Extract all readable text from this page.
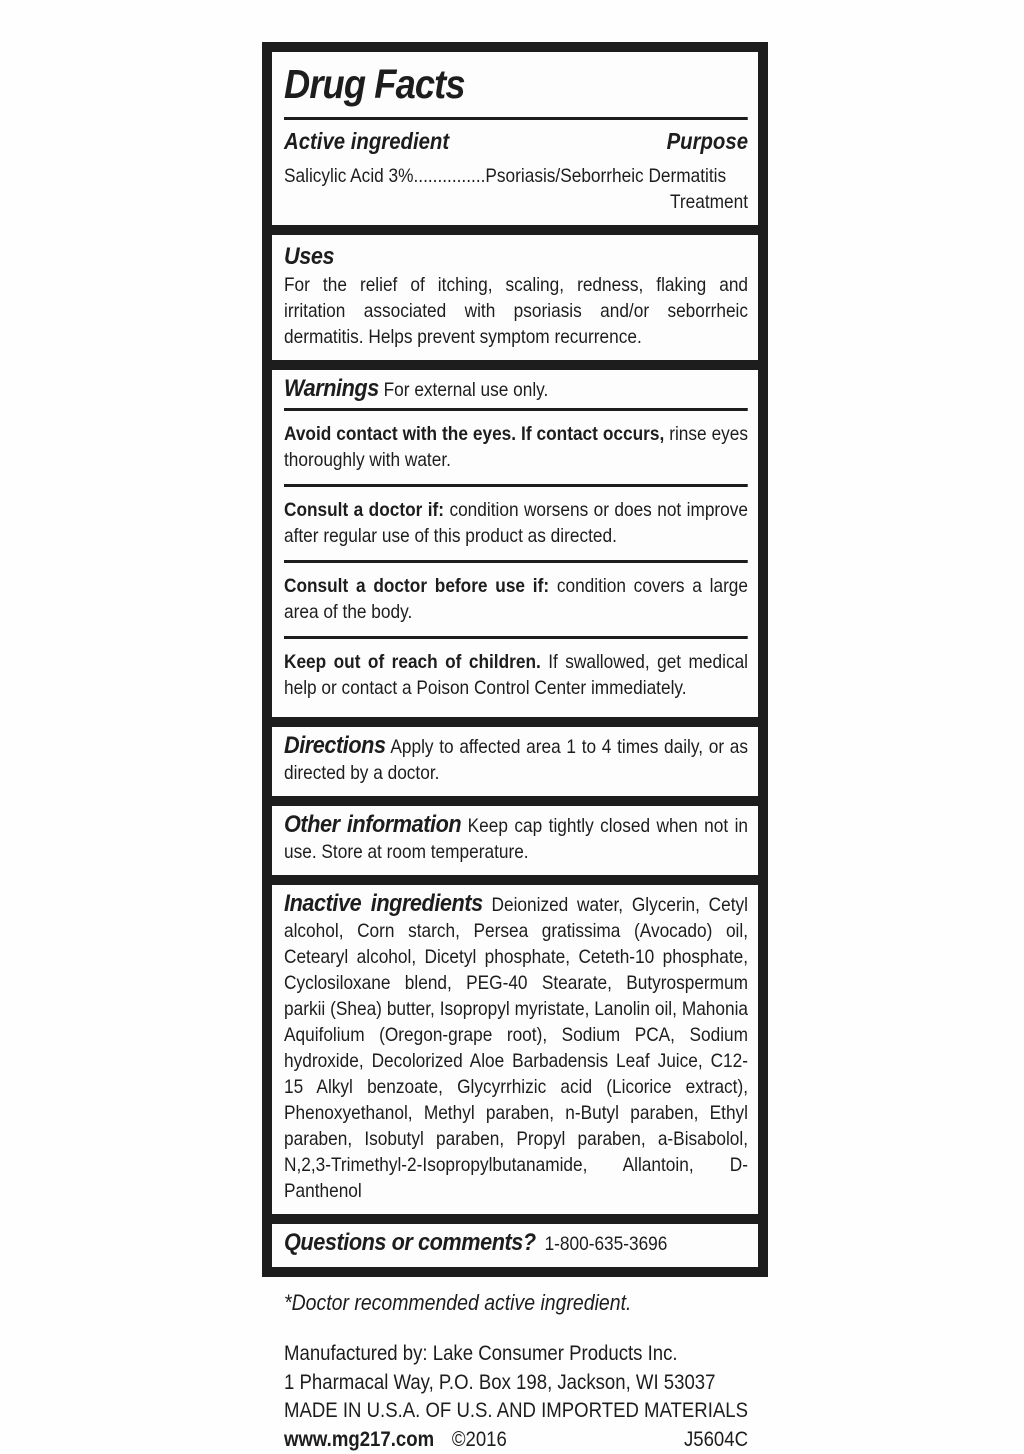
Drug Facts
Active ingredient	Purpose

Salicylic Acid 3%...............Psoriasis/Seborrheic Dermatitis

Treatment

Uses

For the relief of itching, scaling, redness, flaking and irritation associated with psoriasis and/or seborrheic dermatitis. Helps prevent symptom recurrence.

Warnings For external use only.

Avoid contact with the eyes. If contact occurs, rinse eyes thoroughly with water.

Consult a doctor if: condition worsens or does not improve after regular use of this product as directed.

Consult a doctor before use if: condition covers a large area of the body.

Keep out of reach of children. If swallowed, get medical help or contact a Poison Control Center immediately.

Directions Apply to affected area 1 to 4 times daily, or as directed by a doctor.

Other information Keep cap tightly closed when not in use. Store at room temperature.

Inactive ingredients Deionized water, Glycerin, Cetyl alcohol, Corn starch, Persea gratissima (Avocado) oil, Cetearyl alcohol, Dicetyl phosphate, Ceteth-10 phosphate, Cyclosiloxane blend, PEG-40 Stearate, Butyrospermum parkii (Shea) butter, Isopropyl myristate, Lanolin oil, Mahonia Aquifolium (Oregon-grape root), Sodium PCA, Sodium hydroxide, Decolorized Aloe Barbadensis Leaf Juice, C12-15 Alkyl benzoate, Glycyrrhizic acid (Licorice extract), Phenoxyethanol, Methyl paraben, n-Butyl paraben, Ethyl paraben, Isobutyl paraben, Propyl paraben, a-Bisabolol, N,2,3-Trimethyl-2-Isopropylbutanamide, Allantoin, D-Panthenol

Questions or comments? 1-800-635-3696

*Doctor recommended active ingredient.

Manufactured by: Lake Consumer Products Inc.

1 Pharmacal Way, P.O. Box 198, Jackson, WI 53037

MADE IN U.S.A. OF U.S. AND IMPORTED MATERIALS

www.mg217.com ©2016	J5604C
